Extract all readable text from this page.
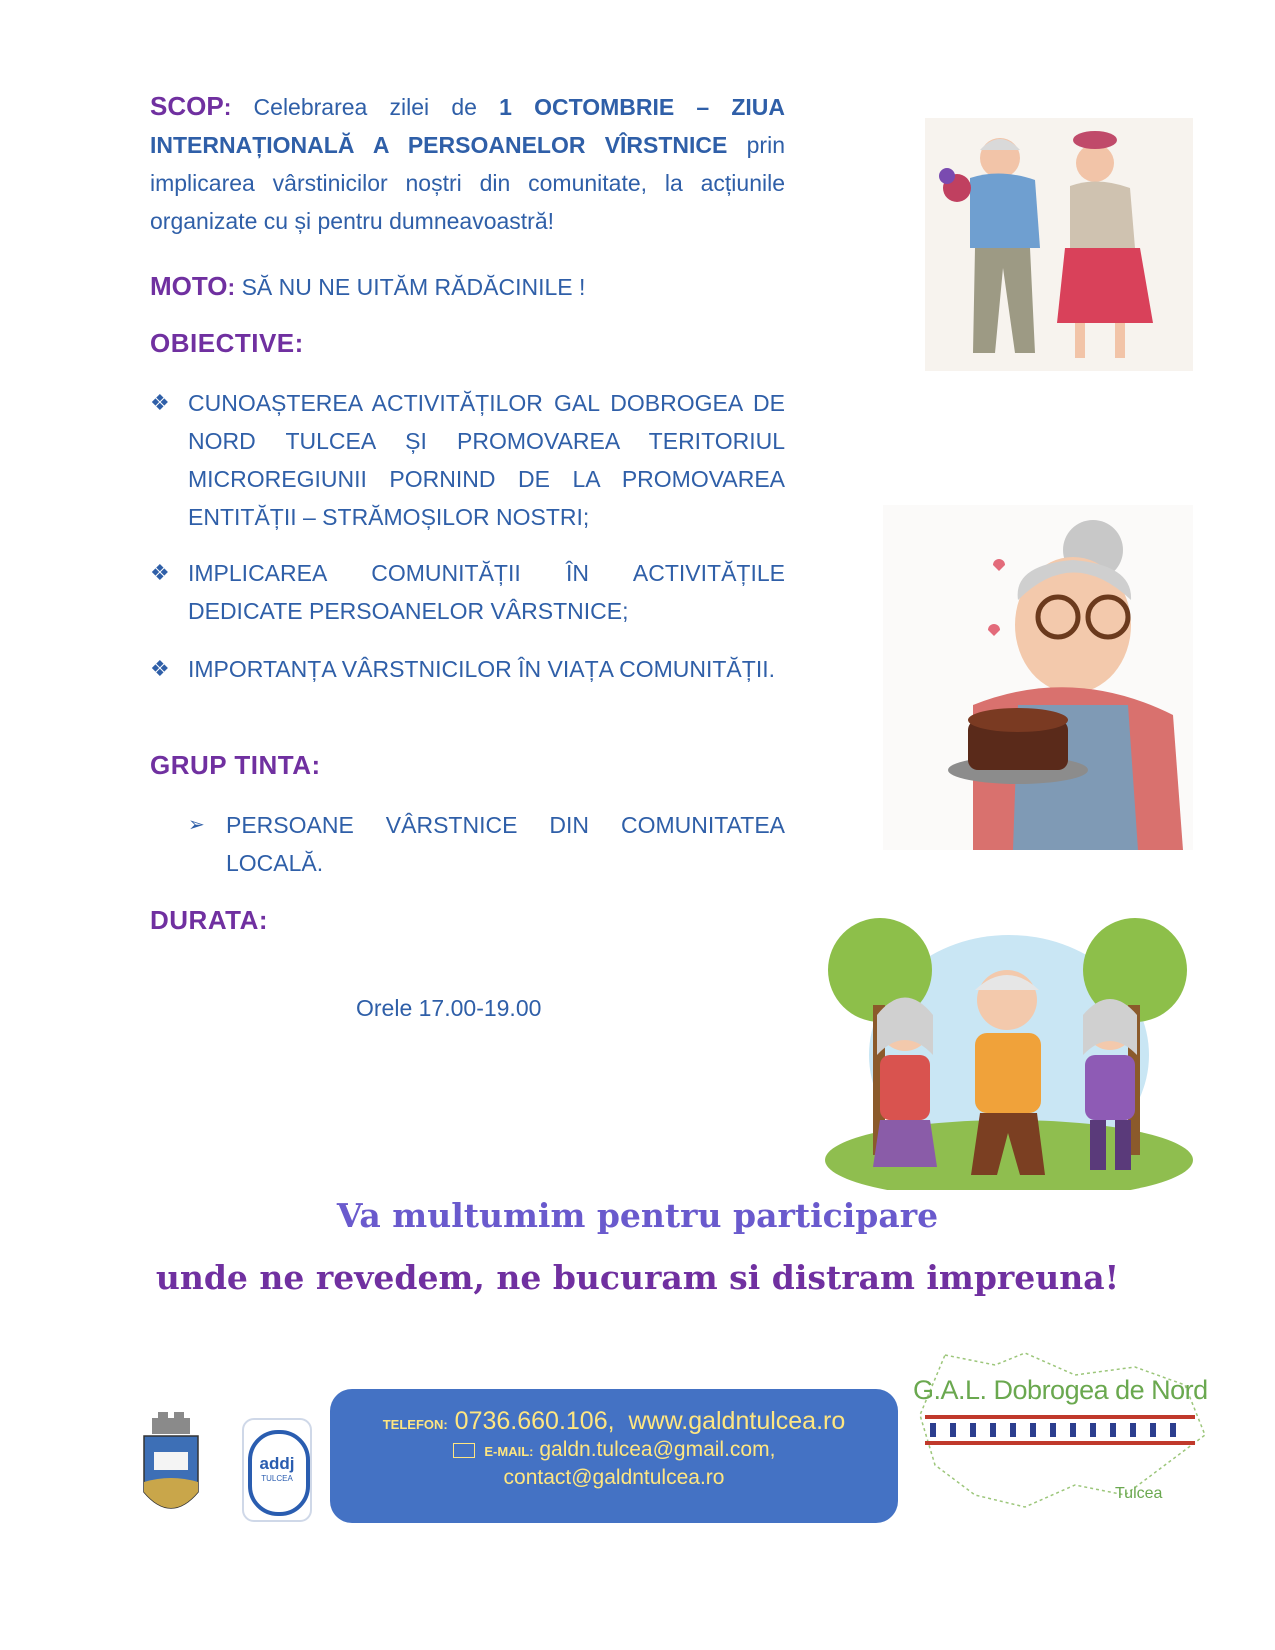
SCOP: Celebrarea zilei de 1 OCTOMBRIE – ZIUA INTERNAȚIONALĂ A PERSOANELOR VÎRSTNICE prin implicarea vârstinicilor noștri din comunitate, la acțiunile organizate cu și pentru dumneavoastră!
MOTO: SĂ NU NE UITĂM RĂDĂCINILE !
OBIECTIVE:
❖ CUNOAȘTEREA ACTIVITĂȚILOR GAL DOBROGEA DE NORD TULCEA ȘI PROMOVAREA TERITORIUL MICROREGIUNII PORNIND DE LA PROMOVAREA ENTITĂȚII – STRĂMOȘILOR NOSTRI;
❖ IMPLICAREA COMUNITĂȚII ÎN ACTIVITĂȚILE DEDICATE PERSOANELOR VÂRSTNICE;
❖ IMPORTANȚA VÂRSTNICILOR ÎN VIAȚA COMUNITĂȚII.
GRUP TINTA:
➢ PERSOANE VÂRSTNICE DIN COMUNITATEA LOCALĂ.
DURATA:
Orele 17.00-19.00
Va multumim pentru participare
unde ne revedem, ne bucuram si distram impreuna!
addj
TULCEA
TELEFON: 0736.660.106, www.galdntulcea.ro
E-MAIL: galdn.tulcea@gmail.com,
contact@galdntulcea.ro
G.A.L. Dobrogea de Nord
Tulcea
